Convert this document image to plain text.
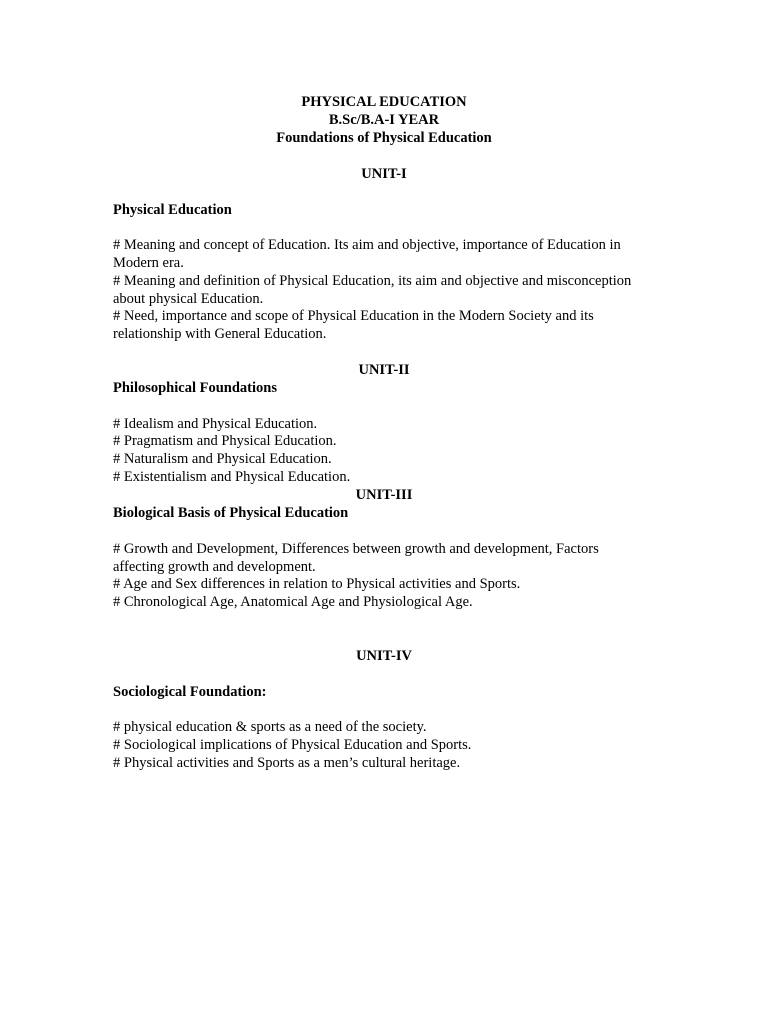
PHYSICAL EDUCATION
B.Sc/B.A-I YEAR
Foundations of Physical Education
UNIT-I
Physical Education
# Meaning and concept of Education. Its aim and objective, importance of Education in
Modern era.
# Meaning and definition of Physical Education, its aim and objective and misconception
about physical Education.
# Need, importance and scope of Physical Education in the Modern Society and its
relationship with General Education.
UNIT-II
Philosophical Foundations
# Idealism and Physical Education.
# Pragmatism and Physical Education.
# Naturalism and Physical Education.
# Existentialism and Physical Education.
UNIT-III
Biological Basis of Physical Education
# Growth and Development, Differences between growth and development, Factors
affecting growth and development.
# Age and Sex differences in relation to Physical activities and Sports.
# Chronological Age, Anatomical Age and Physiological Age.
UNIT-IV
Sociological Foundation:
# physical education & sports as a need of the society.
# Sociological implications of Physical Education and Sports.
# Physical activities and Sports as a men’s cultural heritage.
